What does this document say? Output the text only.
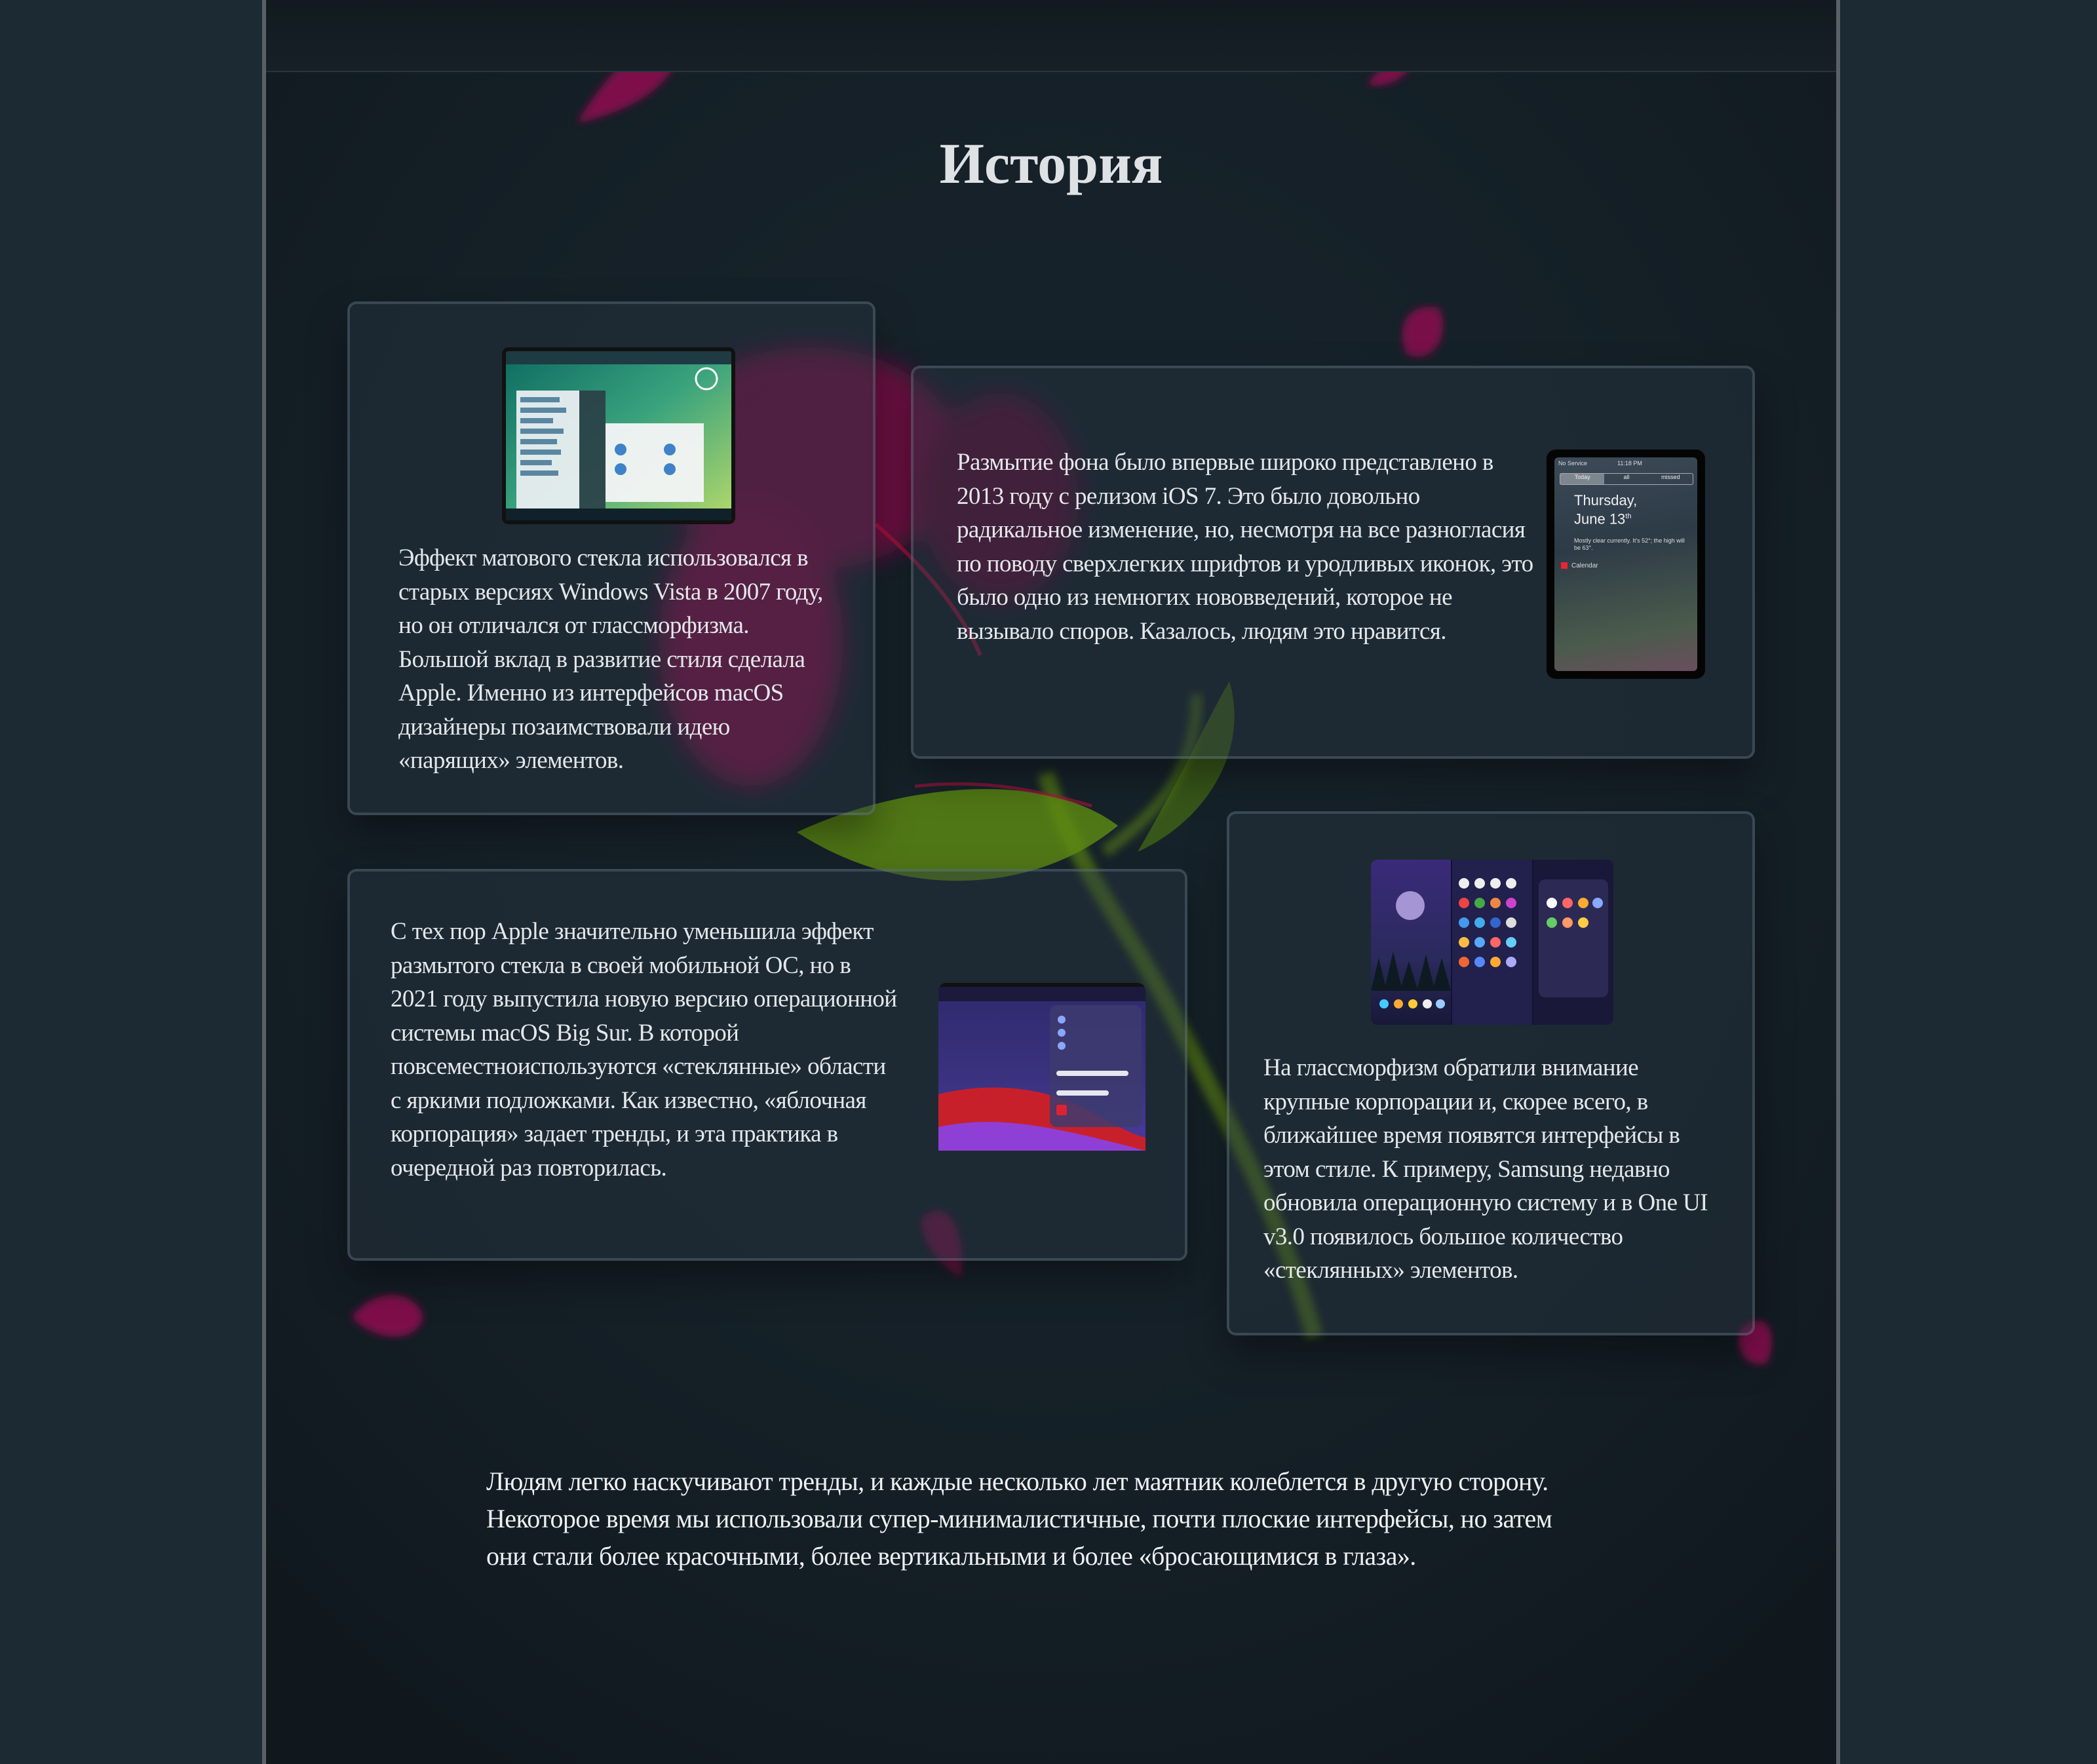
История

Эффект матового стекла использовался в старых версиях Windows Vista в 2007 году, но он отличался от глассморфизма. Большой вклад в развитие стиля сделала Apple. Именно из интерфейсов macOS дизайнеры позаимствовали идею «парящих» элементов.

Размытие фона было впервые широко представлено в 2013 году с релизом iOS 7. Это было довольно радикальное изменение, но, несмотря на все разногласия по поводу сверхлегких шрифтов и уродливых иконок, это было одно из немногих нововведений, которое не вызывало споров. Казалось, людям это нравится.

No Service	11:18 PM
Today	all	missed
Thursday,
June 13th
Mostly clear currently. It's 52°; the high will be 63°.
Calendar

С тех пор Apple значительно уменьшила эффект размытого стекла в своей мобильной ОС, но в 2021 году выпустила новую версию операционной системы macOS Big Sur. В которой повсеместноиспользуются «стеклянные» области с яркими подложками. Как известно, «яблочная корпорация» задает тренды, и эта практика в очередной раз повторилась.

На глассморфизм обратили внимание крупные корпорации и, скорее всего, в ближайшее время появятся интерфейсы в этом стиле. К примеру, Samsung недавно обновила операционную систему и в One UI v3.0 появилось большое количество «стеклянных» элементов.

Людям легко наскучивают тренды, и каждые несколько лет маятник колеблется в другую сторону. Некоторое время мы использовали супер-минималистичные, почти плоские интерфейсы, но затем они стали более красочными, более вертикальными и более «бросающимися в глаза».
